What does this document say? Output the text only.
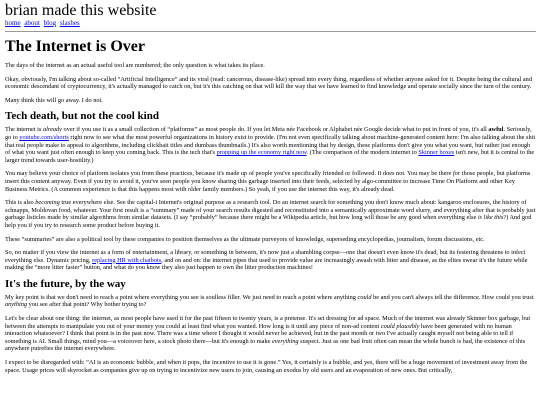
brian made this website
home about blog slashes
The Internet is Over

The days of the internet as an actual useful tool are numbered; the only question is what takes its place.

Okay, obviously, I'm talking about so-called “Artificial Intelligence” and its viral (read: cancerous, disease-like) spread into every thing, regardless of whether anyone asked for it. Despite being the cultural and economic descendant of cryptocurrency, it's actually managed to catch on, but it's this catching on that will kill the way that we have learned to find knowledge and operate socially since the turn of the century.

Many think this will go away. I do not.

Tech death, but not the cool kind

The internet is already over if you use it as a small collection of “platforms” as most people do. If you let Meta née Facebook or Alphabet née Google decide what to put in front of you, it's all awful. Seriously, go to youtube.com/shorts right now to see what the most powerful organizations in history exist to provide. (I'm not even specifically talking about machine-generated content here: I'm also talking about the shit that real people make to appeal to algorithms, including clickbait titles and dumbass thumbnails.) It's also worth mentioning that by design, these platforms don't give you what you want, but rather just enough of what you want just often enough to keep you coming back. This is the tech that's propping up the economy right now. (The comparison of the modern internet to Skinner boxes isn't new, but it is central to the larger trend towards user-hostility.)

You may believe your choice of platform isolates you from these practices, because it's made up of people you've specifically friended or followed. It does not. You may be there for those people, but platforms insert this content anyway. Even if you try to avoid it, you've seen people you know sharing this garbage inserted into their feeds, selected by algo-committee to increase Time On Platform and other Key Business Metrics. (A common experience is that this happens most with older family members.) So yeah, if you use the internet this way, it's already dead.

This is also becoming true everywhere else. See the capital-i Internet's original purpose as a research tool. Do an internet search for something you don't know much about: kangaroo enclosures, the history of schnapps, Moldovan food, whatever. Your first result is a “summary” made of your search results digested and reconstituted into a semantically approximate word slurry, and everything after that is probably just garbage listicles made by similar algorithms from similar datasets. (I say “probably” because there might be a Wikipedia article, but how long will those be any good when everything else is like this?) And god help you if you try to research some product before buying it.

These “summaries” are also a political tool by these companies to position themselves as the ultimate purveyors of knowledge, superseding encyclopedias, journalism, forum discussions, etc.

So, no matter if you view the internet as a form of entertainment, a library, or something in between, it's now just a shambling corpse—one that doesn't even know it's dead, but its festering threatens to infect everything else. Dynamic pricing, replacing HR with chatbots, and on and on: the internet pipes that used to provide value are increasingly awash with litter and disease, as the elites swear it's the future while making the “more litter faster” button, and what do you know they also just happen to own the litter production machines!

It's the future, by the way

My key point is that we don't need to reach a point where everything you see is soulless filler. We just need to reach a point where anything could be and you can't always tell the difference. How could you trust anything you see after that point? Why bother trying to?

Let's be clear about one thing: the internet, as most people have used it for the past fifteen to twenty years, is a pretense. It's set dressing for ad space. Much of the internet was already Skinner box garbage, but between the attempts to manipulate you out of your money you could at least find what you wanted. How long is it until any piece of non-ad content could plausibly have been generated with no human interaction whatsoever? I think that point is in the past now. There was a time where I thought it would never be achieved, but in the past month or two I've actually caught myself not being able to tell if something is AI. Small things, mind you—a voiceover here, a stock photo there—but it's enough to make everything suspect. Just as one bad fruit often can mean the whole bunch is bad, the existence of this anywhere putrefies the internet everywhere.

I expect to be disregarded with: “AI is an economic bubble, and when it pops, the incentive to use it is gone.” Yes, it certainly is a bubble, and yes, there will be a huge movement of investment away from the space. Usage prices will skyrocket as companies give up on trying to incentivize new users to join, causing an exodus by old users and an evaporation of new ones. But critically,
